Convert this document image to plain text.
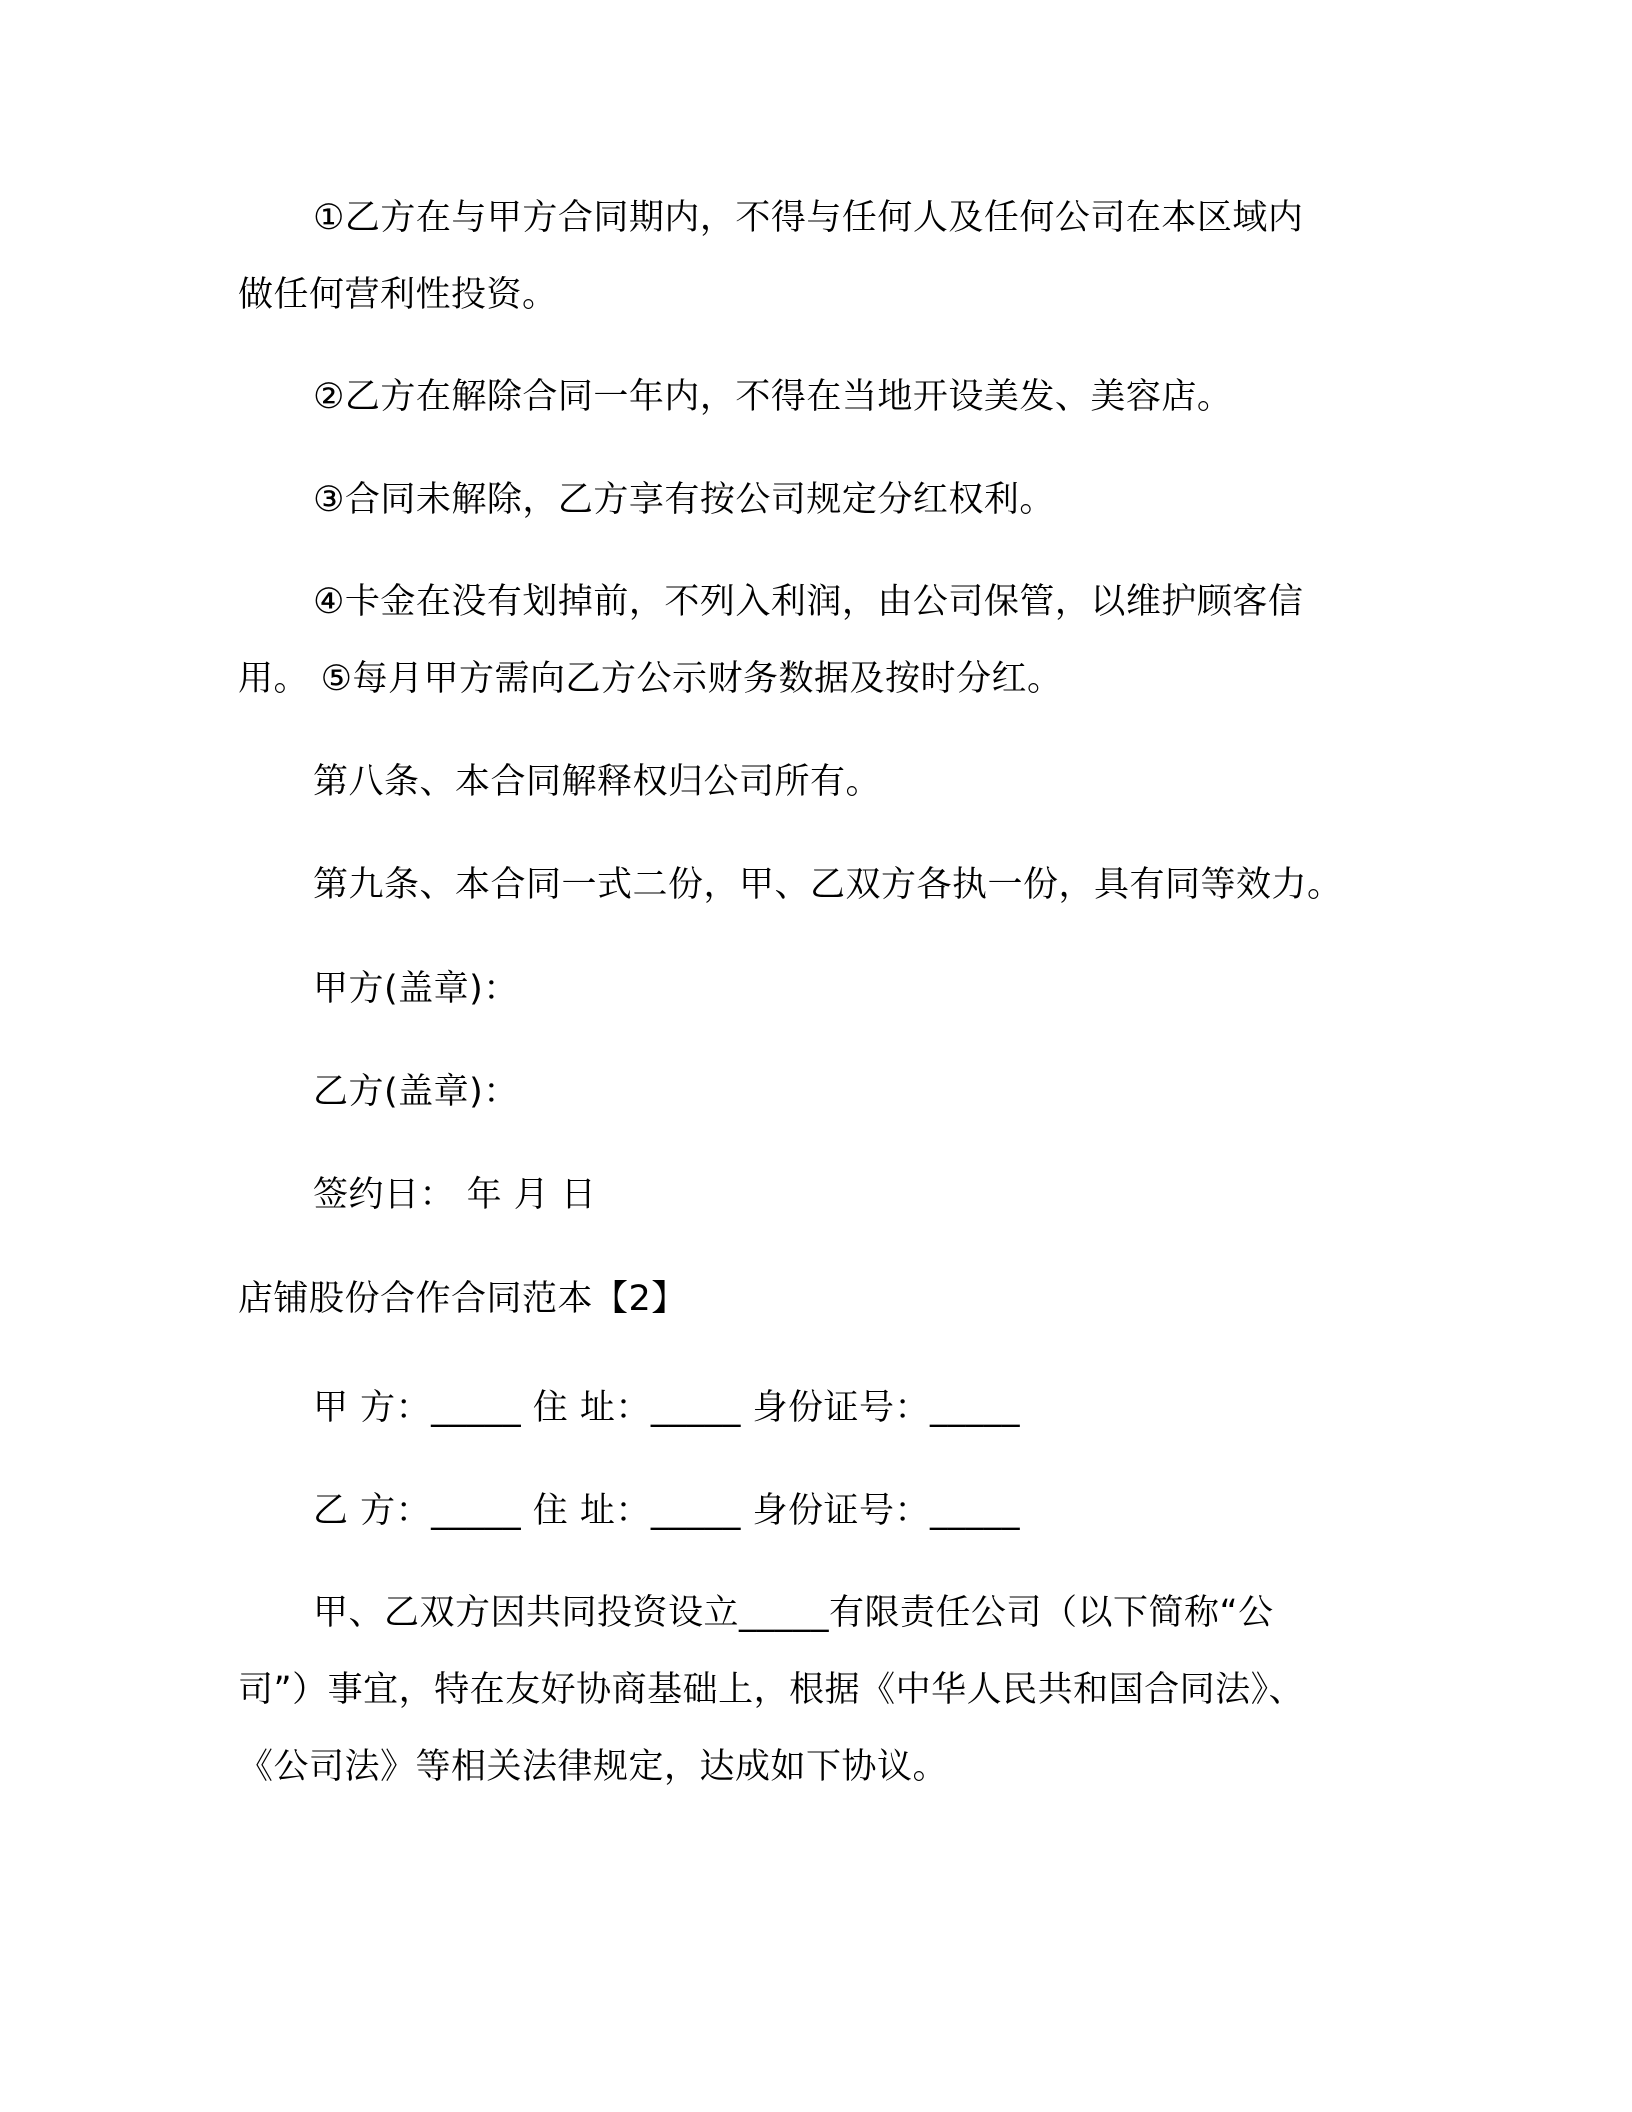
①乙方在与甲方合同期内，不得与任何人及任何公司在本区域内
做任何营利性投资。
②乙方在解除合同一年内，不得在当地开设美发、美容店。
③合同未解除，乙方享有按公司规定分红权利。
④卡金在没有划掉前，不列入利润，由公司保管，以维护顾客信
用。 ⑤每月甲方需向乙方公示财务数据及按时分红。
第八条、本合同解释权归公司所有。
第九条、本合同一式二份，甲、乙双方各执一份，具有同等效力。
甲方(盖章)：
乙方(盖章)：
签约日： 年 月 日
店铺股份合作合同范本【2】
甲 方：_____ 住 址：_____ 身份证号：_____
乙 方：_____ 住 址：_____ 身份证号：_____
甲、乙双方因共同投资设立_____有限责任公司（以下简称“公
司”）事宜，特在友好协商基础上，根据《中华人民共和国合同法》、
《公司法》等相关法律规定，达成如下协议。
